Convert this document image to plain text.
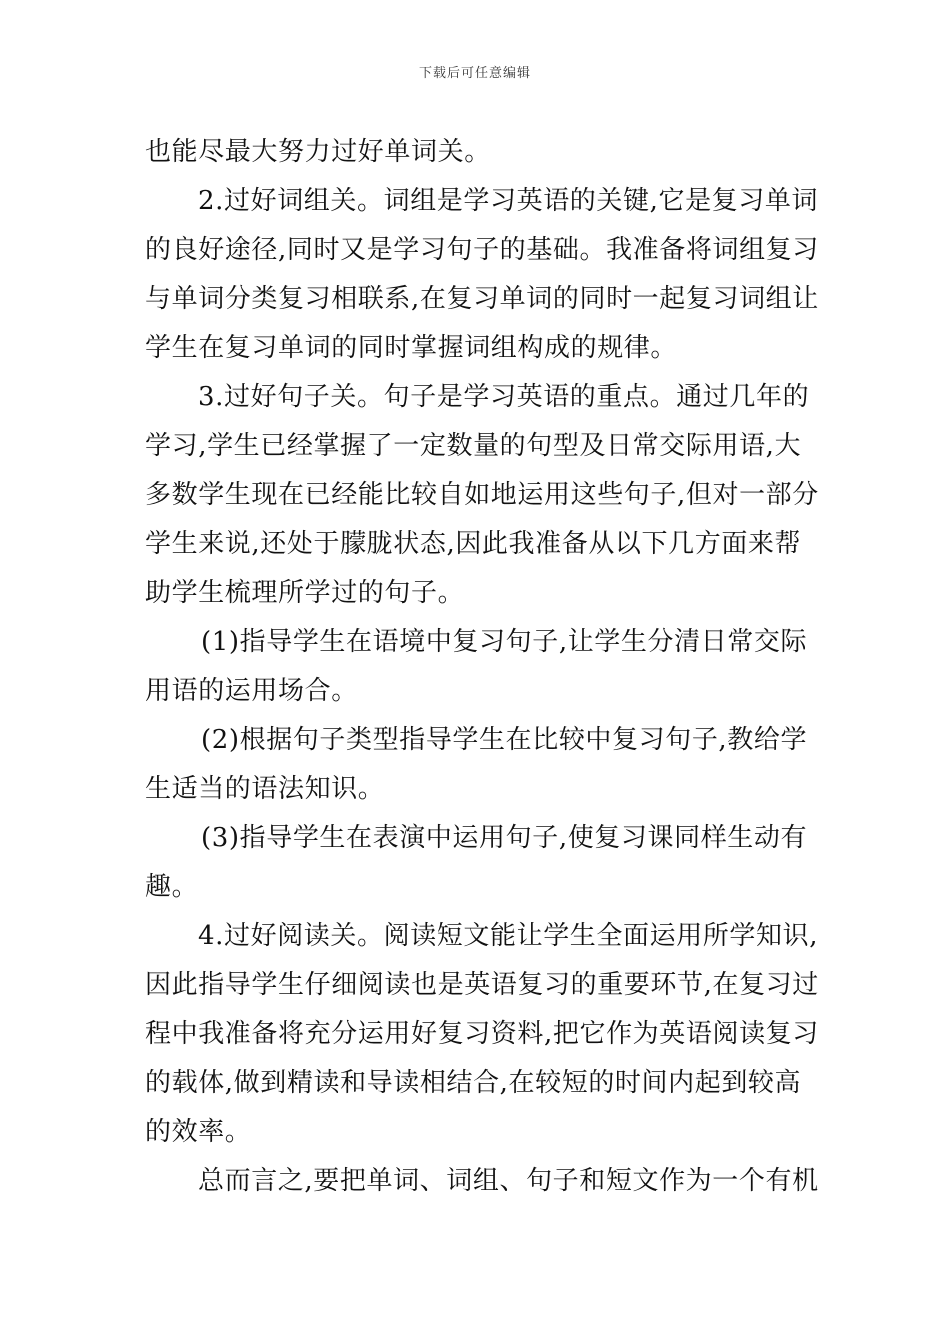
下载后可任意编辑
也能尽最大努力过好单词关。
2.过好词组关。词组是学习英语的关键,它是复习单词
的良好途径,同时又是学习句子的基础。我准备将词组复习
与单词分类复习相联系,在复习单词的同时一起复习词组让
学生在复习单词的同时掌握词组构成的规律。
3.过好句子关。句子是学习英语的重点。通过几年的
学习,学生已经掌握了一定数量的句型及日常交际用语,大
多数学生现在已经能比较自如地运用这些句子,但对一部分
学生来说,还处于朦胧状态,因此我准备从以下几方面来帮
助学生梳理所学过的句子。
(1)指导学生在语境中复习句子,让学生分清日常交际
用语的运用场合。
(2)根据句子类型指导学生在比较中复习句子,教给学
生适当的语法知识。
(3)指导学生在表演中运用句子,使复习课同样生动有
趣。
4.过好阅读关。阅读短文能让学生全面运用所学知识,
因此指导学生仔细阅读也是英语复习的重要环节,在复习过
程中我准备将充分运用好复习资料,把它作为英语阅读复习
的载体,做到精读和导读相结合,在较短的时间内起到较高
的效率。
总而言之,要把单词、词组、句子和短文作为一个有机
